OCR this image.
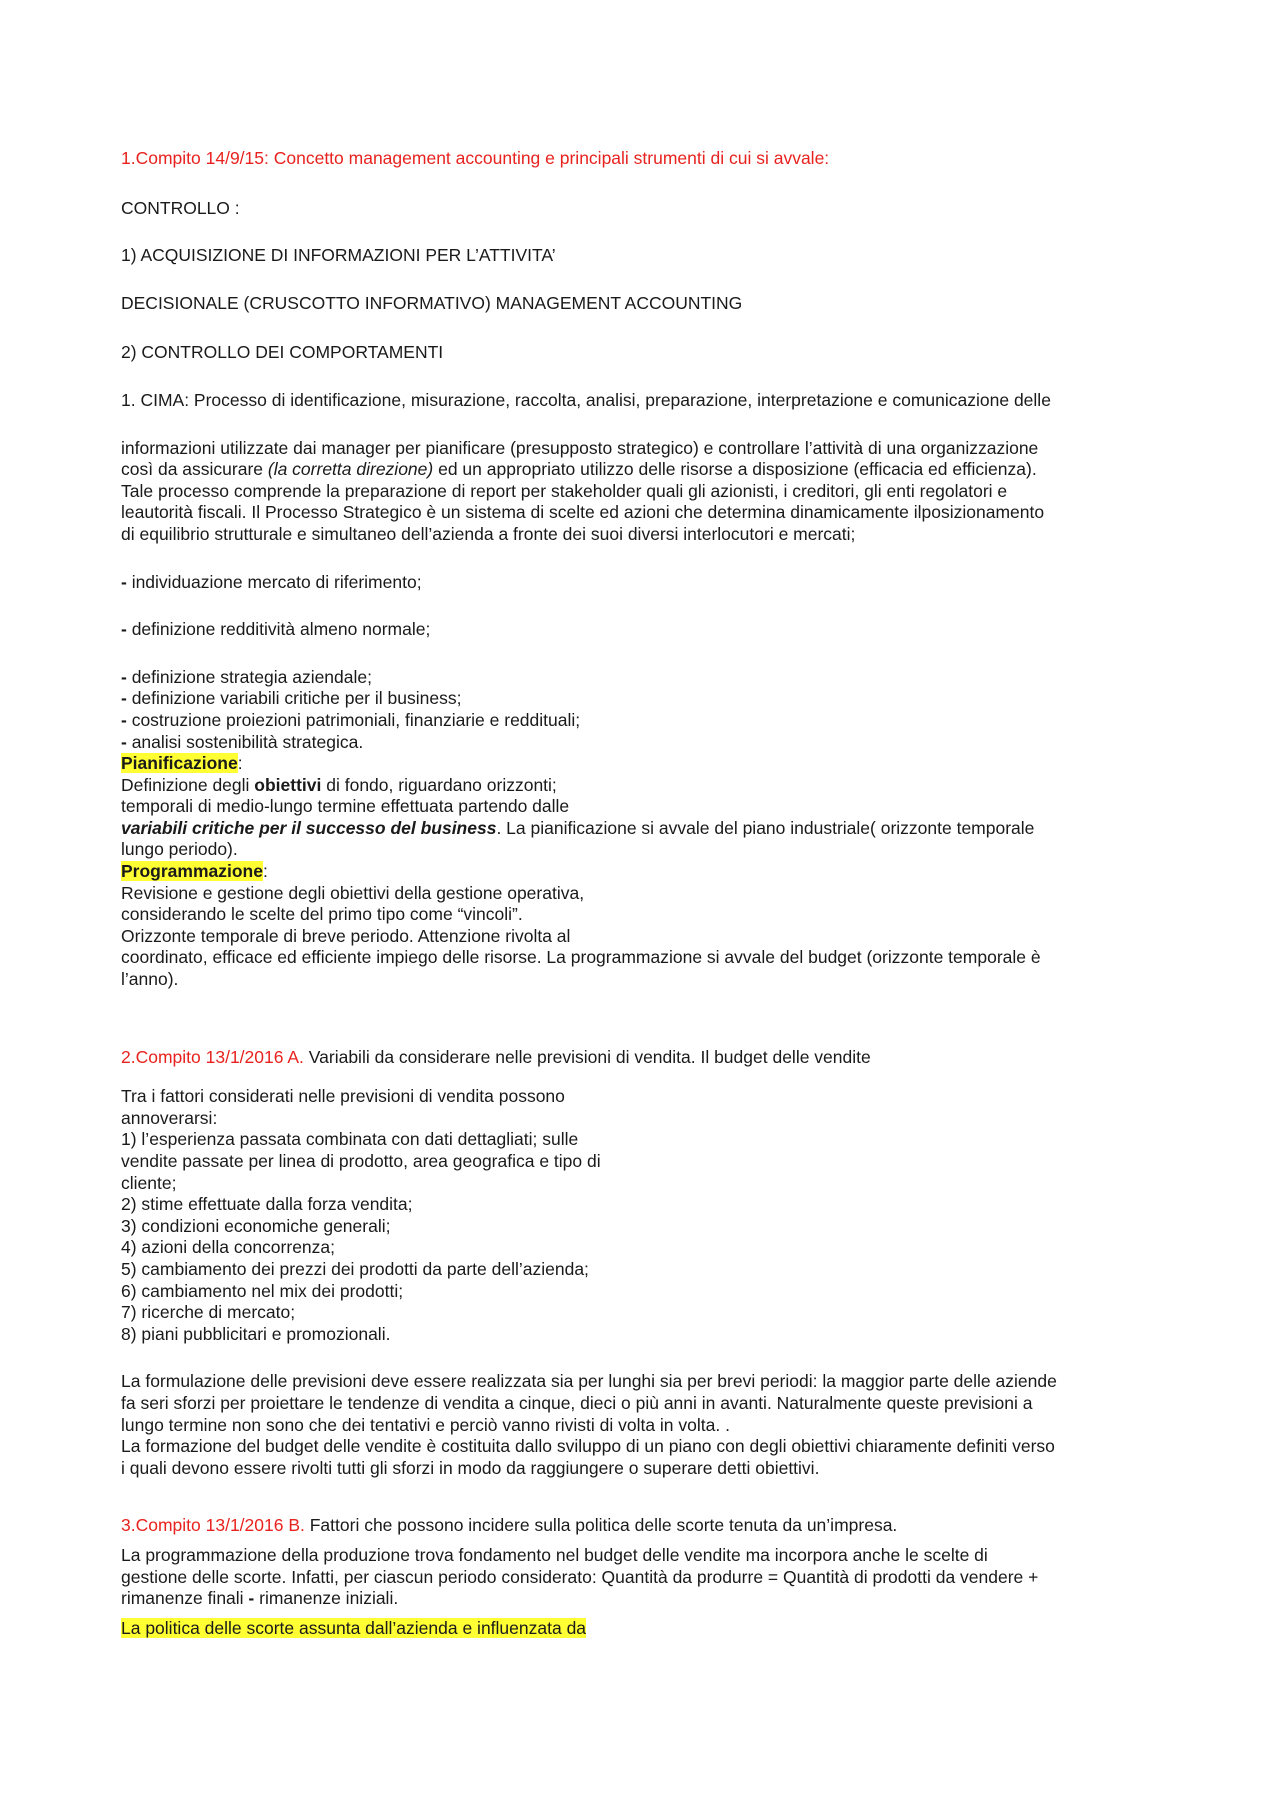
1.Compito 14/9/15: Concetto management accounting e principali strumenti di cui si avvale:

CONTROLLO :

1) ACQUISIZIONE DI INFORMAZIONI PER L’ATTIVITA’

DECISIONALE (CRUSCOTTO INFORMATIVO) MANAGEMENT ACCOUNTING

2) CONTROLLO DEI COMPORTAMENTI

1. CIMA: Processo di identificazione, misurazione, raccolta, analisi, preparazione, interpretazione e comunicazione delle

informazioni utilizzate dai manager per pianificare (presupposto strategico) e controllare l’attività di una organizzazione
così da assicurare (la corretta direzione) ed un appropriato utilizzo delle risorse a disposizione (efficacia ed efficienza).
Tale processo comprende la preparazione di report per stakeholder quali gli azionisti, i creditori, gli enti regolatori e
leautorità fiscali. Il Processo Strategico è un sistema di scelte ed azioni che determina dinamicamente ilposizionamento
di equilibrio strutturale e simultaneo dell’azienda a fronte dei suoi diversi interlocutori e mercati;

- individuazione mercato di riferimento;

- definizione redditività almeno normale;

- definizione strategia aziendale;
- definizione variabili critiche per il business;
- costruzione proiezioni patrimoniali, finanziarie e reddituali;
- analisi sostenibilità strategica.
Pianificazione:
Definizione degli obiettivi di fondo, riguardano orizzonti;
temporali di medio-lungo termine effettuata partendo dalle
variabili critiche per il successo del business. La pianificazione si avvale del piano industriale( orizzonte temporale
lungo periodo).
Programmazione:
Revisione e gestione degli obiettivi della gestione operativa,
considerando le scelte del primo tipo come “vincoli”.
Orizzonte temporale di breve periodo. Attenzione rivolta al
coordinato, efficace ed efficiente impiego delle risorse. La programmazione si avvale del budget (orizzonte temporale è
l’anno).

2.Compito 13/1/2016 A. Variabili da considerare nelle previsioni di vendita. Il budget delle vendite

Tra i fattori considerati nelle previsioni di vendita possono
annoverarsi:
1) l’esperienza passata combinata con dati dettagliati; sulle
vendite passate per linea di prodotto, area geografica e tipo di
cliente;
2) stime effettuate dalla forza vendita;
3) condizioni economiche generali;
4) azioni della concorrenza;
5) cambiamento dei prezzi dei prodotti da parte dell’azienda;
6) cambiamento nel mix dei prodotti;
7) ricerche di mercato;
8) piani pubblicitari e promozionali.
La formulazione delle previsioni deve essere realizzata sia per lunghi sia per brevi periodi: la maggior parte delle aziende
fa seri sforzi per proiettare le tendenze di vendita a cinque, dieci o più anni in avanti. Naturalmente queste previsioni a
lungo termine non sono che dei tentativi e perciò vanno rivisti di volta in volta. .
La formazione del budget delle vendite è costituita dallo sviluppo di un piano con degli obiettivi chiaramente definiti verso
i quali devono essere rivolti tutti gli sforzi in modo da raggiungere o superare detti obiettivi.

3.Compito 13/1/2016 B. Fattori che possono incidere sulla politica delle scorte tenuta da un’impresa.

La programmazione della produzione trova fondamento nel budget delle vendite ma incorpora anche le scelte di
gestione delle scorte. Infatti, per ciascun periodo considerato: Quantità da produrre = Quantità di prodotti da vendere +
rimanenze finali - rimanenze iniziali.

La politica delle scorte assunta dall’azienda e influenzata da
